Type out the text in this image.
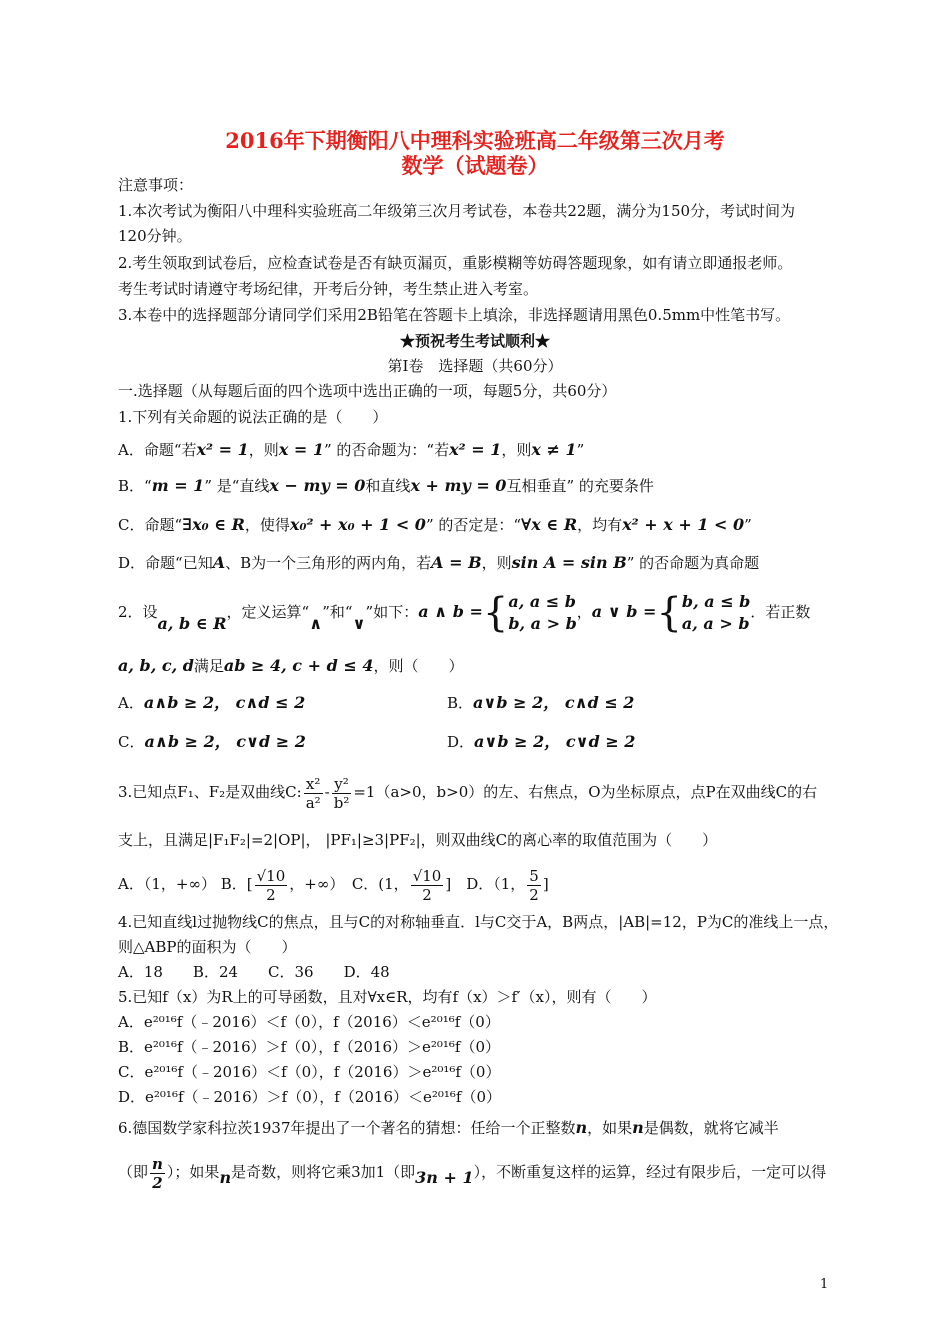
2016年下期衡阳八中理科实验班高二年级第三次月考
数学（试题卷）
注意事项：
1.本次考试为衡阳八中理科实验班高二年级第三次月考试卷，本卷共22题，满分为150分，考试时间为
120分钟。
2.考生领取到试卷后，应检查试卷是否有缺页漏页，重影模糊等妨碍答题现象，如有请立即通报老师。
考生考试时请遵守考场纪律，开考后分钟，考生禁止进入考室。
3.本卷中的选择题部分请同学们采用2B铅笔在答题卡上填涂，非选择题请用黑色0.5mm中性笔书写。
★预祝考生考试顺利★
第I卷　选择题（共60分）
一.选择题（从每题后面的四个选项中选出正确的一项，每题5分，共60分）
1.下列有关命题的说法正确的是（　　）
A．命题“若x² = 1，则x = 1” 的否命题为：“若x² = 1，则x ≠ 1”
B．“m = 1” 是“直线x − my = 0和直线x + my = 0互相垂直” 的充要条件
C．命题“∃x₀ ∈ R，使得x₀² + x₀ + 1 < 0” 的否定是：“∀x ∈ R，均有x² + x + 1 < 0”
D．命题“已知A、B为一个三角形的两内角，若A = B，则sin A = sin B” 的否命题为真命题
2．设a, b ∈ R，定义运算“∧”和“∨”如下：a ∧ b ={ a, a ≤ b
b, a > b
，a ∨ b ={ b, a ≤ b
a, a > b
．若正数
a, b, c, d满足ab ≥ 4, c + d ≤ 4，则（　　）
A．a∧b ≥ 2， c∧d ≤ 2	B．a∨b ≥ 2， c∧d ≤ 2
C．a∧b ≥ 2， c∨d ≥ 2	D．a∨b ≥ 2， c∨d ≥ 2
3.已知点F₁、F₂是双曲线C: $\frac{\text{x²}}{\text{a²}} - \frac{\text{y²}}{\text{b²}} =1(a>0$，b>0）的左、右焦点，O为坐标原点，点P在双曲线C的右
支上，且满足|F₁F₂|=2|OP|， |PF₁|≥3|PF₂|，则双曲线C的离心率的取值范围为（　　）
A．（1，+∞） B．[ $\frac{√10}{2}$ ，+∞）　C．(1， $\frac{√10}{2}$ ]　D．（1， $\frac{5}{2}$ ]
4.已知直线l过抛物线C的焦点，且与C的对称轴垂直．l与C交于A，B两点，|AB|=12，P为C的准线上一点，
则△ABP的面积为（　　）
A．18　　B．24　　C．36　　D．48
5.已知f（x）为R上的可导函数，且对∀x∈R，均有f（x）＞f′（x），则有（　　）
A．e²⁰¹⁶f（﹣2016）＜f（0），f（2016）＜e²⁰¹⁶f（0）
B．e²⁰¹⁶f（﹣2016）＞f（0），f（2016）＞e²⁰¹⁶f（0）
C．e²⁰¹⁶f（﹣2016）＜f（0），f（2016）＞e²⁰¹⁶f（0）
D．e²⁰¹⁶f（﹣2016）＞f（0），f（2016）＜e²⁰¹⁶f（0）
6.德国数学家科拉茨1937年提出了一个著名的猜想：任给一个正整数n，如果n是偶数，就将它减半
（即 $\frac{n}{2}$ ）；如果n是奇数，则将它乘3加1（即3n + 1），不断重复这样的运算，经过有限步后，一定可以得
1
